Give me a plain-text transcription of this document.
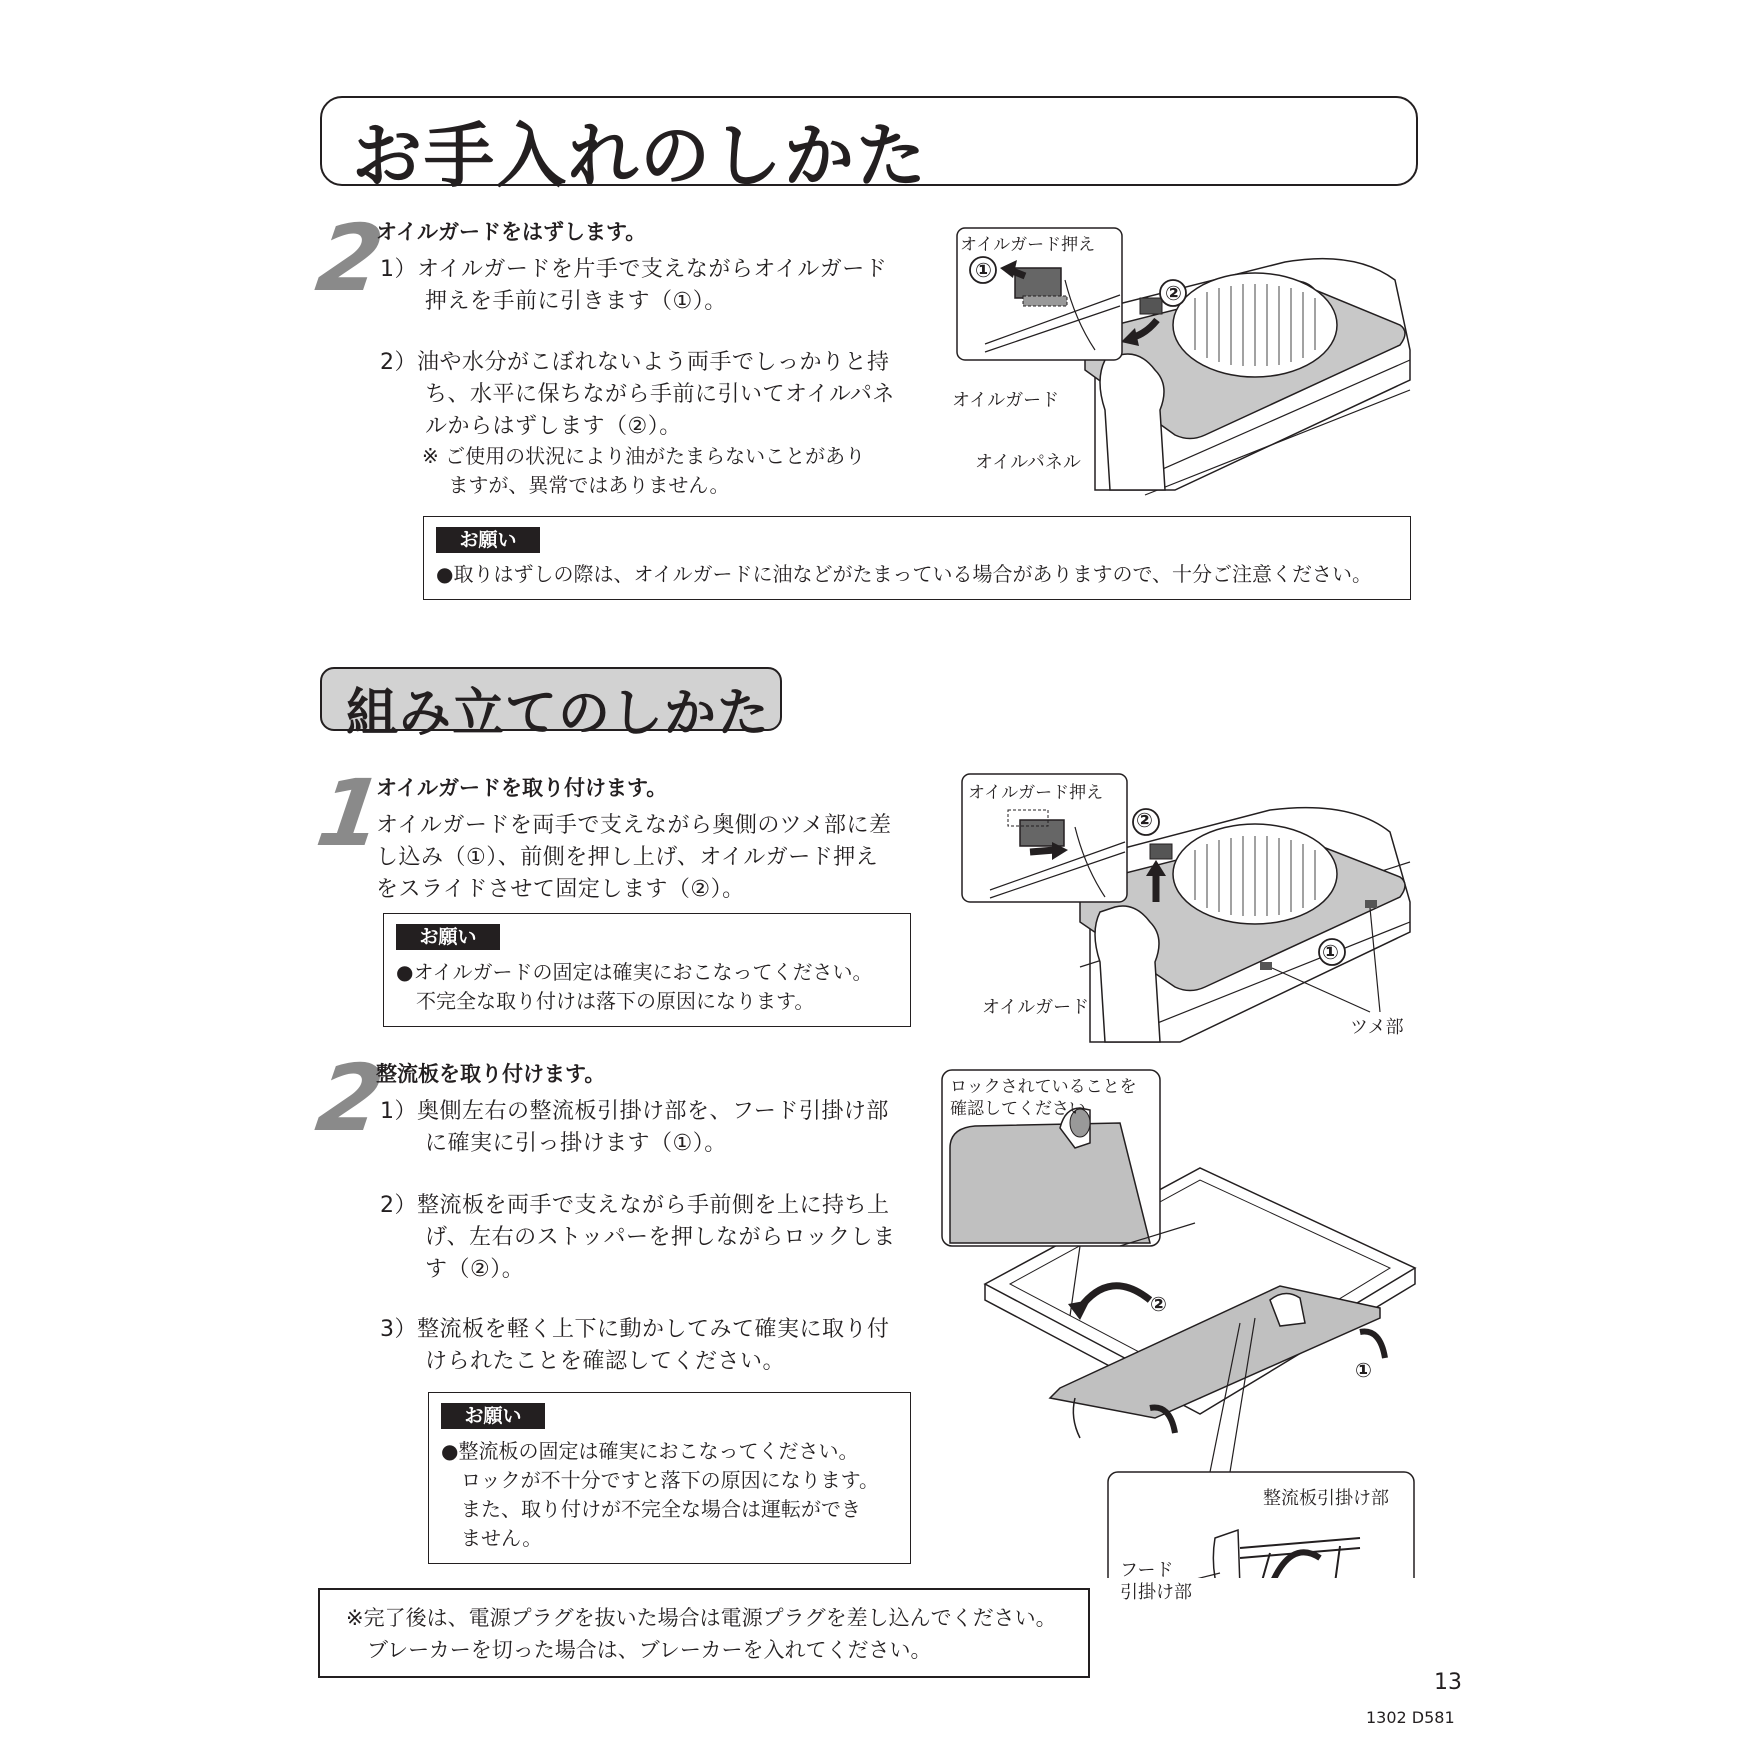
お手入れのしかた
2
オイルガードをはずします。
1）オイルガードを片手で支えながらオイルガード
　　押えを手前に引きます（①）。
2）油や水分がこぼれないよう両手でしっかりと持
　　ち、水平に保ちながら手前に引いてオイルパネ
　　ルからはずします（②）。
※ ご使用の状況により油がたまらないことがあり
　 ますが、異常ではありません。
オイルガード押え
①
②
オイルガード
オイルパネル
お願い
●取りはずしの際は、オイルガードに油などがたまっている場合がありますので、十分ご注意ください。
組み立てのしかた
1
オイルガードを取り付けます。
オイルガードを両手で支えながら奥側のツメ部に差
し込み（①）、前側を押し上げ、オイルガード押え
をスライドさせて固定します（②）。
お願い
●オイルガードの固定は確実におこなってください。
　不完全な取り付けは落下の原因になります。
オイルガード押え
②
①
オイルガード
ツメ部
2
整流板を取り付けます。
1）奥側左右の整流板引掛け部を、フード引掛け部
　　に確実に引っ掛けます（①）。
2）整流板を両手で支えながら手前側を上に持ち上
　　げ、左右のストッパーを押しながらロックしま
　　す（②）。
3）整流板を軽く上下に動かしてみて確実に取り付
　　けられたことを確認してください。
お願い
●整流板の固定は確実におこなってください。
　ロックが不十分ですと落下の原因になります。
　また、取り付けが不完全な場合は運転ができ
　ません。
ロックされていることを
確認してください
②
①
整流板引掛け部
フード
引掛け部
※完了後は、電源プラグを抜いた場合は電源プラグを差し込んでください。
　ブレーカーを切った場合は、ブレーカーを入れてください。
13
1302 D581
